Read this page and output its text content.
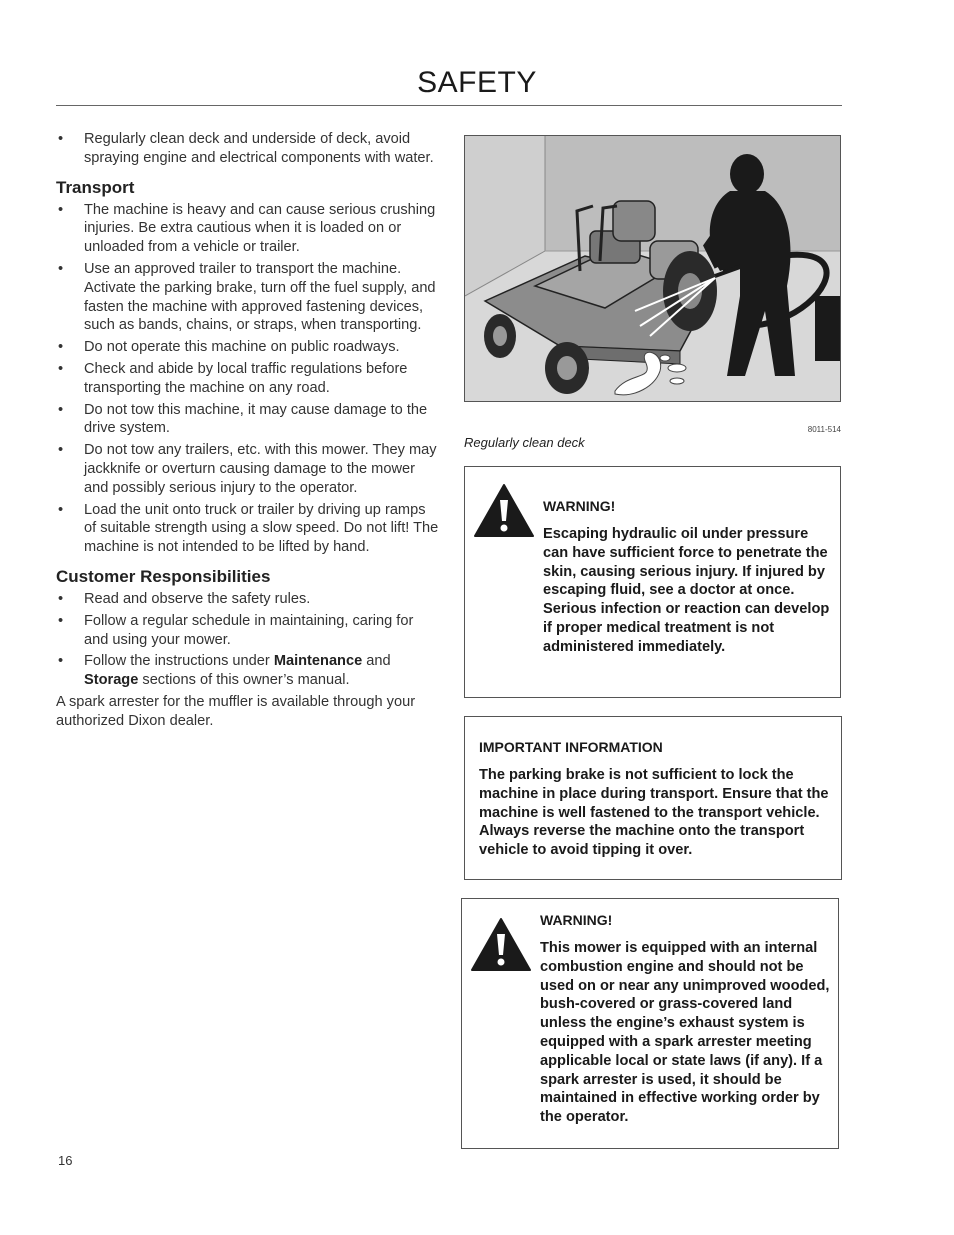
SAFETY
• Regularly clean deck and underside of deck, avoid spraying engine and electrical components with water.
Transport
• The machine is heavy and can cause serious crushing injuries. Be extra cautious when it is loaded on or unloaded from a vehicle or trailer.
• Use an approved trailer to transport the machine. Activate the parking brake, turn off the fuel supply, and fasten the machine with approved fastening devices, such as bands, chains, or straps, when transporting.
• Do not operate this machine on public roadways.
• Check and abide by local traffic regulations before transporting the machine on any road.
• Do not tow this machine, it may cause damage to the drive system.
• Do not tow any trailers, etc. with this mower. They may jackknife or overturn causing damage to the mower and possibly serious injury to the operator.
• Load the unit onto truck or trailer by driving up ramps of suitable strength using a slow speed. Do not lift! The machine is not intended to be lifted by hand.
Customer Responsibilities
• Read and observe the safety rules.
• Follow a regular schedule in maintaining, caring for and using your mower.
• Follow the instructions under Maintenance and Storage sections of this owner’s manual.

A spark arrester for the muffler is available through your authorized Dixon dealer.

8011-514
Regularly clean deck
WARNING!
Escaping hydraulic oil under pressure can have sufficient force to penetrate the skin, causing serious injury. If injured by escaping fluid, see a doctor at once. Serious infection or reaction can develop if proper medical treatment is not administered immediately.
IMPORTANT INFORMATION
The parking brake is not sufficient to lock the machine in place during transport. Ensure that the machine is well fastened to the transport vehicle. Always reverse the machine onto the transport vehicle to avoid tipping it over.
WARNING!
This mower is equipped with an internal combustion engine and should not be used on or near any unimproved wooded, bush-covered or grass-covered land unless the engine’s exhaust system is equipped with a spark arrester meeting applicable local or state laws (if any). If a spark arrester is used, it should be maintained in effective working order by the operator.
16
